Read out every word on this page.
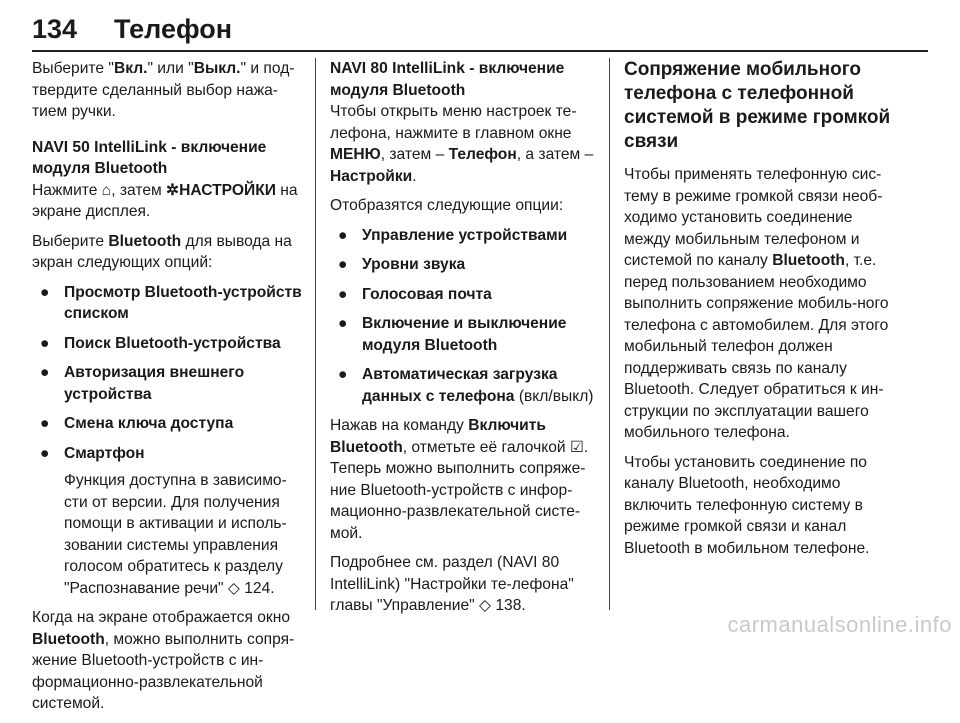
134 Телефон

Выберите "Вкл." или "Выкл." и под-твердите сделанный выбор нажа-тием ручки.

NAVI 50 IntelliLink - включение модуля Bluetooth

Нажмите ⌂, затем ✲НАСТРОЙКИ на экране дисплея.

Выберите Bluetooth для вывода на экран следующих опций:

● Просмотр Bluetooth-устройств списком
● Поиск Bluetooth-устройства
● Авторизация внешнего устройства
● Смена ключа доступа
● Смартфон

Функция доступна в зависимо-сти от версии. Для получения помощи в активации и исполь-зовании системы управления голосом обратитесь к разделу "Распознавание речи" ◇ 124.

Когда на экране отображается окно Bluetooth, можно выполнить сопря-жение Bluetooth-устройств с ин-формационно-развлекательной системой.

NAVI 80 IntelliLink - включение модуля Bluetooth

Чтобы открыть меню настроек те-лефона, нажмите в главном окне МЕНЮ, затем – Телефон, а затем – Настройки.

Отобразятся следующие опции:

● Управление устройствами
● Уровни звука
● Голосовая почта
● Включение и выключение модуля Bluetooth
● Автоматическая загрузка данных с телефона (вкл/выкл)

Нажав на команду Включить Bluetooth, отметьте её галочкой ☑. Теперь можно выполнить сопряже-ние Bluetooth-устройств с инфор-мационно-развлекательной систе-мой.

Подробнее см. раздел (NAVI 80 IntelliLink) "Настройки те-лефона" главы "Управление" ◇ 138.

Сопряжение мобильного телефона с телефонной системой в режиме громкой связи

Чтобы применять телефонную сис-тему в режиме громкой связи необ-ходимо установить соединение между мобильным телефоном и системой по каналу Bluetooth, т.е. перед пользованием необходимо выполнить сопряжение мобиль-ного телефона с автомобилем. Для этого мобильный телефон должен поддерживать связь по каналу Bluetooth. Следует обратиться к ин-струкции по эксплуатации вашего мобильного телефона.

Чтобы установить соединение по каналу Bluetooth, необходимо включить телефонную систему в режиме громкой связи и канал Bluetooth в мобильном телефоне.

carmanualsonline.info
